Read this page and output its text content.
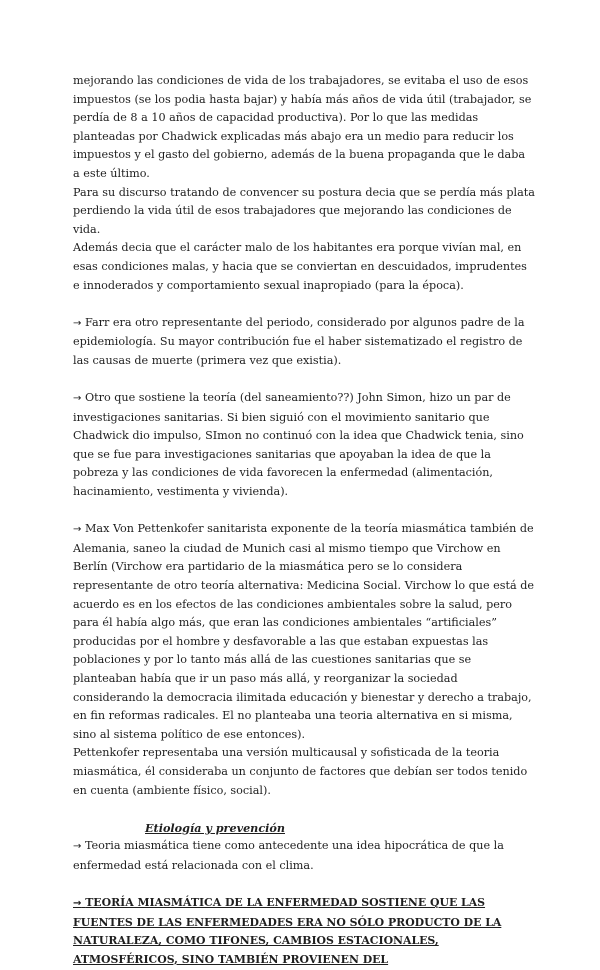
mejorando las condiciones de vida de los trabajadores, se evitaba el uso de esos impuestos (se los podia hasta bajar) y había más años de vida útil (trabajador, se perdía de 8 a 10 años de capacidad productiva). Por lo que las medidas planteadas por Chadwick explicadas más abajo era un medio para reducir los impuestos y el gasto del gobierno, además de la buena propaganda que le daba a este último.

Para su discurso tratando de convencer su postura decia que se perdía más plata perdiendo la vida útil de esos trabajadores que mejorando las condiciones de vida.

Además decia que el carácter malo de los habitantes era porque vivían mal, en esas condiciones malas, y hacia que se conviertan en descuidados, imprudentes e innoderados y comportamiento sexual inapropiado (para la época).

→ Farr era otro representante del periodo, considerado por algunos padre de la epidemiología. Su mayor contribución fue el haber sistematizado el registro de las causas de muerte (primera vez que existia).

→ Otro que sostiene la teoría (del saneamiento??) John Simon, hizo un par de investigaciones sanitarias. Si bien siguió con el movimiento sanitario que Chadwick dio impulso, SImon no continuó con la idea que Chadwick tenia, sino que se fue para investigaciones sanitarias que apoyaban la idea de que la pobreza y las condiciones de vida favorecen la enfermedad (alimentación, hacinamiento, vestimenta y vivienda).

→ Max Von Pettenkofer sanitarista exponente de la teoría miasmática también de Alemania, saneo la ciudad de Munich casi al mismo tiempo que Virchow en Berlín (Virchow era partidario de la miasmática pero se lo considera representante de otro teoría alternativa: Medicina Social. Virchow lo que está de acuerdo es en los efectos de las condiciones ambientales sobre la salud, pero para él había algo más, que eran las condiciones ambientales “artificiales” producidas por el hombre y desfavorable a las que estaban expuestas las poblaciones y por lo tanto más allá de las cuestiones sanitarias que se planteaban había que ir un paso más allá, y reorganizar la sociedad considerando la democracia ilimitada educación y bienestar y derecho a trabajo, en fin reformas radicales. El no planteaba una teoria alternativa en si misma, sino al sistema político de ese entonces).

Pettenkofer representaba una versión multicausal y sofisticada de la teoria miasmática, él consideraba un conjunto de factores que debían ser todos tenido en cuenta (ambiente físico, social).

Etiología y prevención

→ Teoria miasmática tiene como antecedente una idea hipocrática de que la enfermedad está relacionada con el clima.

→ TEORÍA MIASMÁTICA DE LA ENFERMEDAD SOSTIENE QUE LAS FUENTES DE LAS ENFERMEDADES ERA NO SÓLO PRODUCTO DE LA NATURALEZA, COMO TIFONES, CAMBIOS ESTACIONALES, ATMOSFÉRICOS, SINO TAMBIÉN PROVIENEN DEL
